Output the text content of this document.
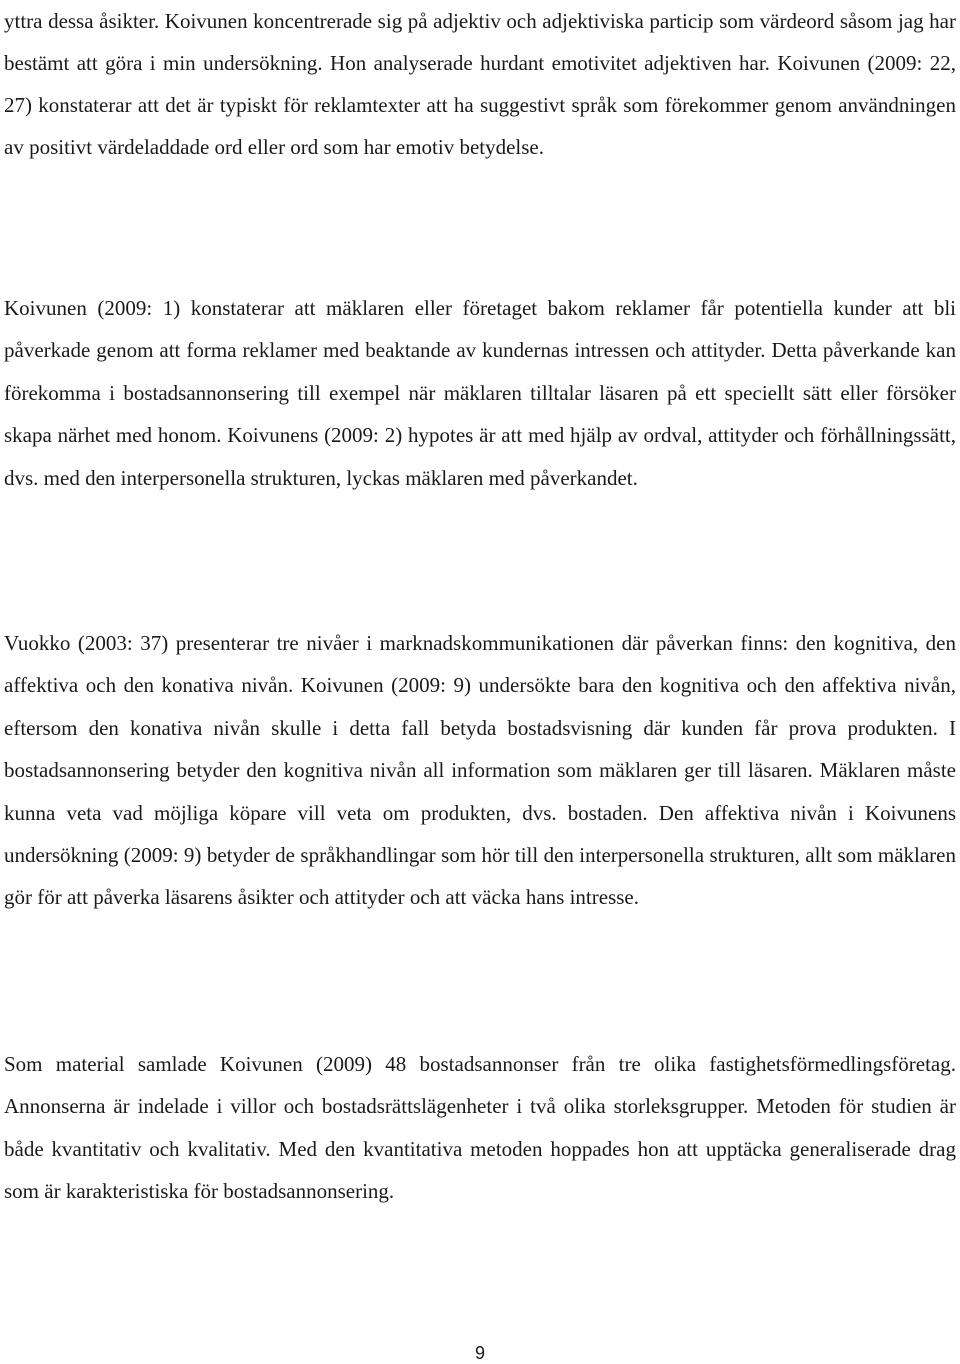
yttra dessa åsikter. Koivunen koncentrerade sig på adjektiv och adjektiviska particip som värdeord såsom jag har bestämt att göra i min undersökning. Hon analyserade hurdant emotivitet adjektiven har. Koivunen (2009: 22, 27) konstaterar att det är typiskt för reklamtexter att ha suggestivt språk som förekommer genom användningen av positivt värdeladdade ord eller ord som har emotiv betydelse.

Koivunen (2009: 1) konstaterar att mäklaren eller företaget bakom reklamer får potentiella kunder att bli påverkade genom att forma reklamer med beaktande av kundernas intressen och attityder. Detta påverkande kan förekomma i bostadsannonsering till exempel när mäklaren tilltalar läsaren på ett speciellt sätt eller försöker skapa närhet med honom. Koivunens (2009: 2) hypotes är att med hjälp av ordval, attityder och förhållningssätt, dvs. med den interpersonella strukturen, lyckas mäklaren med påverkandet.

Vuokko (2003: 37) presenterar tre nivåer i marknadskommunikationen där påverkan finns: den kognitiva, den affektiva och den konativa nivån. Koivunen (2009: 9) undersökte bara den kognitiva och den affektiva nivån, eftersom den konativa nivån skulle i detta fall betyda bostadsvisning där kunden får prova produkten. I bostadsannonsering betyder den kognitiva nivån all information som mäklaren ger till läsaren. Mäklaren måste kunna veta vad möjliga köpare vill veta om produkten, dvs. bostaden. Den affektiva nivån i Koivunens undersökning (2009: 9) betyder de språkhandlingar som hör till den interpersonella strukturen, allt som mäklaren gör för att påverka läsarens åsikter och attityder och att väcka hans intresse.

Som material samlade Koivunen (2009) 48 bostadsannonser från tre olika fastighetsförmedlingsföretag. Annonserna är indelade i villor och bostadsrättslägenheter i två olika storleksgrupper. Metoden för studien är både kvantitativ och kvalitativ. Med den kvantitativa metoden hoppades hon att upptäcka generaliserade drag som är karakteristiska för bostadsannonsering.

9
